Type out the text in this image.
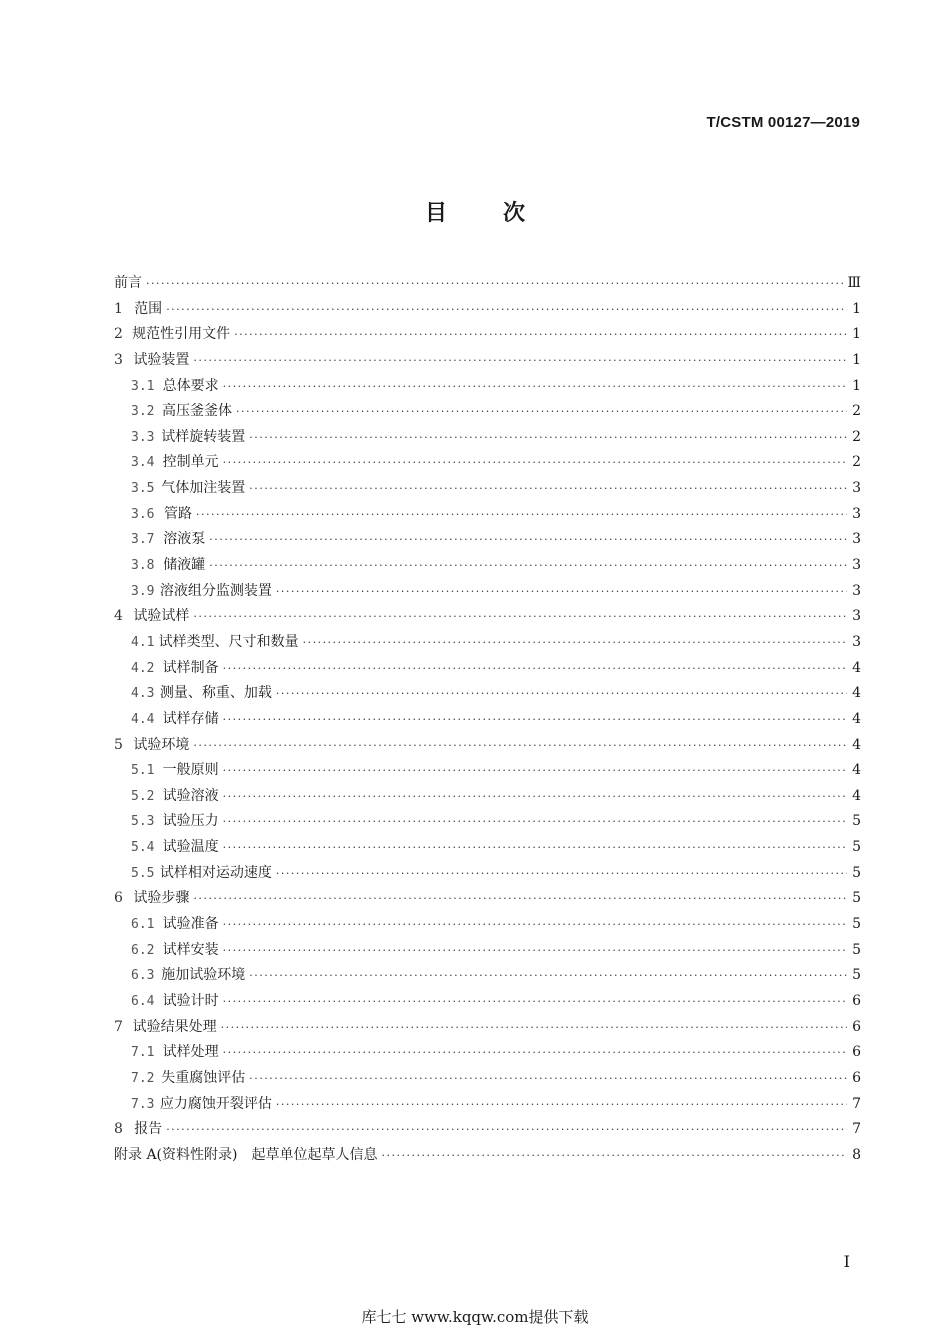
T/CSTM 00127—2019
目	次
前言 ·····	Ⅲ
1 范围 ·····	1
2 规范性引用文件 ·····	1
3 试验装置 ·····	1
3.1 总体要求 ·····	1
3.2 高压釜釜体 ·····	2
3.3 试样旋转装置 ·····	2
3.4 控制单元 ·····	2
3.5 气体加注装置 ·····	3
3.6 管路 ·····	3
3.7 溶液泵 ·····	3
3.8 储液罐 ·····	3
3.9 溶液组分监测装置 ·····	3
4 试验试样 ·····	3
4.1 试样类型、尺寸和数量 ·····	3
4.2 试样制备 ·····	4
4.3 测量、称重、加载 ·····	4
4.4 试样存储 ·····	4
5 试验环境 ·····	4
5.1 一般原则 ·····	4
5.2 试验溶液 ·····	4
5.3 试验压力 ·····	5
5.4 试验温度 ·····	5
5.5 试样相对运动速度 ·····	5
6 试验步骤 ·····	5
6.1 试验准备 ·····	5
6.2 试样安装 ·····	5
6.3 施加试验环境 ·····	5
6.4 试验计时 ·····	6
7 试验结果处理 ·····	6
7.1 试样处理 ·····	6
7.2 失重腐蚀评估 ·····	6
7.3 应力腐蚀开裂评估 ·····	7
8 报告 ·····	7
附录 A(资料性附录)　起草单位起草人信息 ·····	8
I
库七七 www.kqqw.com提供下载
